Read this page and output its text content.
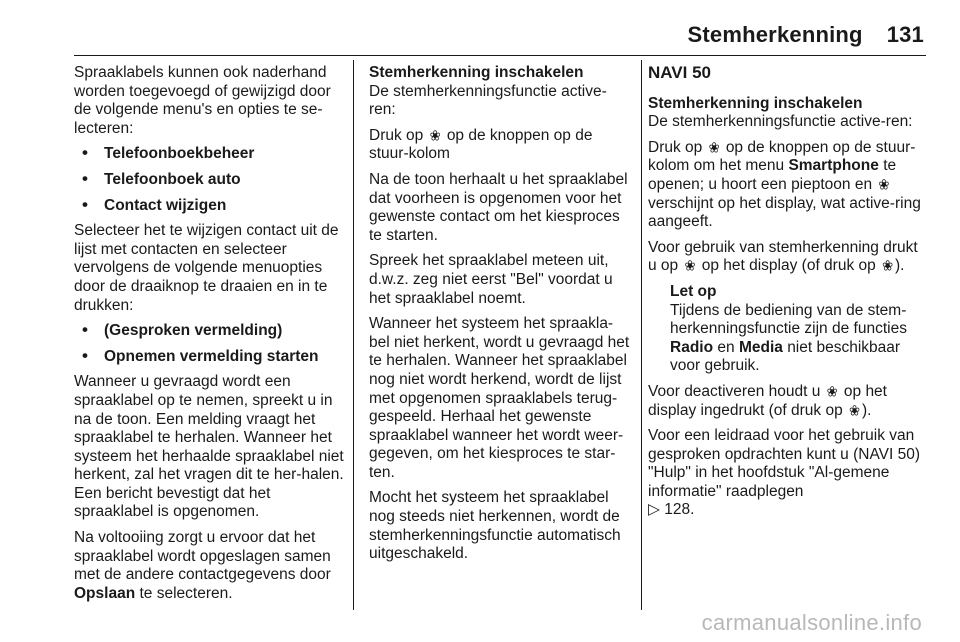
Stemherkenning 131

Spraaklabels kunnen ook naderhand worden toegevoegd of gewijzigd door de volgende menu's en opties te se-lecteren:

• Telefoonboekbeheer
• Telefoonboek auto
• Contact wijzigen

Selecteer het te wijzigen contact uit de lijst met contacten en selecteer vervolgens de volgende menuopties door de draaiknop te draaien en in te drukken:

• (Gesproken vermelding)
• Opnemen vermelding starten

Wanneer u gevraagd wordt een spraaklabel op te nemen, spreekt u in na de toon. Een melding vraagt het spraaklabel te herhalen. Wanneer het systeem het herhaalde spraaklabel niet herkent, zal het vragen dit te her-halen. Een bericht bevestigt dat het spraaklabel is opgenomen.

Na voltooiing zorgt u ervoor dat het spraaklabel wordt opgeslagen samen met de andere contactgegevens door Opslaan te selecteren.

Stemherkenning inschakelen

De stemherkenningsfunctie active-ren:

Druk op ❀ op de knoppen op de stuur-kolom

Na de toon herhaalt u het spraaklabel dat voorheen is opgenomen voor het gewenste contact om het kiesproces te starten.

Spreek het spraaklabel meteen uit, d.w.z. zeg niet eerst "Bel" voordat u het spraaklabel noemt.

Wanneer het systeem het spraakla-bel niet herkent, wordt u gevraagd het te herhalen. Wanneer het spraaklabel nog niet wordt herkend, wordt de lijst met opgenomen spraaklabels terug-gespeeld. Herhaal het gewenste spraaklabel wanneer het wordt weer-gegeven, om het kiesproces te star-ten.

Mocht het systeem het spraaklabel nog steeds niet herkennen, wordt de stemherkenningsfunctie automatisch uitgeschakeld.

NAVI 50

Stemherkenning inschakelen

De stemherkenningsfunctie active-ren:

Druk op ❀ op de knoppen op de stuur-kolom om het menu Smartphone te openen; u hoort een pieptoon en ❀ verschijnt op het display, wat active-ring aangeeft.

Voor gebruik van stemherkenning drukt u op ❀ op het display (of druk op ❀ ).

Let op

Tijdens de bediening van de stem-herkenningsfunctie zijn de functies Radio en Media niet beschikbaar voor gebruik.

Voor deactiveren houdt u ❀ op het display ingedrukt (of druk op ❀ ).

Voor een leidraad voor het gebruik van gesproken opdrachten kunt u (NAVI 50) "Hulp" in het hoofdstuk "Al-gemene informatie" raadplegen
▷ 128.

carmanualsonline.info
